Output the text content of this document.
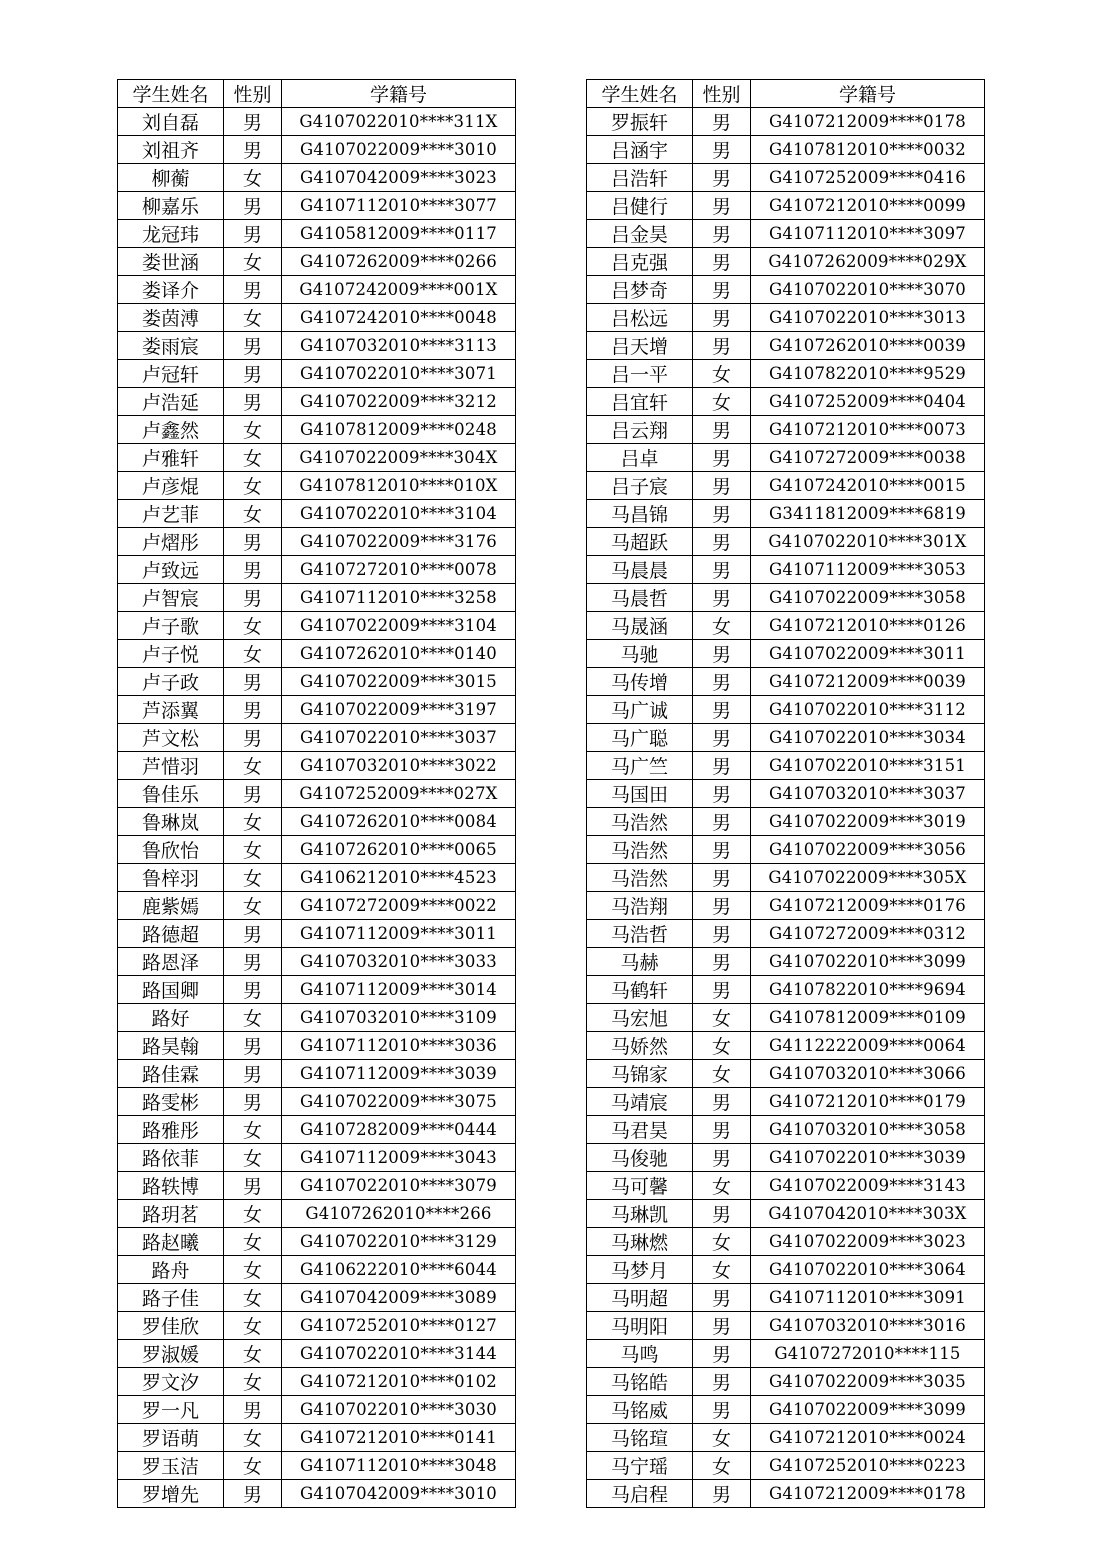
学生姓名	性别	学籍号
刘自磊	男	G4107022010****311X
刘祖齐	男	G4107022009****3010
柳蘅	女	G4107042009****3023
柳嘉乐	男	G4107112010****3077
龙冠玮	男	G4105812009****0117
娄世涵	女	G4107262009****0266
娄译介	男	G4107242009****001X
娄茵溥	女	G4107242010****0048
娄雨宸	男	G4107032010****3113
卢冠轩	男	G4107022010****3071
卢浩延	男	G4107022009****3212
卢鑫然	女	G4107812009****0248
卢雅轩	女	G4107022009****304X
卢彦焜	女	G4107812010****010X
卢艺菲	女	G4107022010****3104
卢熠彤	男	G4107022009****3176
卢致远	男	G4107272010****0078
卢智宸	男	G4107112010****3258
卢子歌	女	G4107022009****3104
卢子悦	女	G4107262010****0140
卢子政	男	G4107022009****3015
芦添翼	男	G4107022009****3197
芦文松	男	G4107022010****3037
芦惜羽	女	G4107032010****3022
鲁佳乐	男	G4107252009****027X
鲁琳岚	女	G4107262010****0084
鲁欣怡	女	G4107262010****0065
鲁梓羽	女	G4106212010****4523
鹿紫嫣	女	G4107272009****0022
路德超	男	G4107112009****3011
路恩泽	男	G4107032010****3033
路国卿	男	G4107112009****3014
路好	女	G4107032010****3109
路昊翰	男	G4107112010****3036
路佳霖	男	G4107112009****3039
路雯彬	男	G4107022009****3075
路雅彤	女	G4107282009****0444
路依菲	女	G4107112009****3043
路轶博	男	G4107022010****3079
路玥茗	女	G4107262010****266
路赵曦	女	G4107022010****3129
路舟	女	G4106222010****6044
路子佳	女	G4107042009****3089
罗佳欣	女	G4107252010****0127
罗淑媛	女	G4107022010****3144
罗文汐	女	G4107212010****0102
罗一凡	男	G4107022010****3030
罗语萌	女	G4107212010****0141
罗玉洁	女	G4107112010****3048
罗增先	男	G4107042009****3010
学生姓名	性别	学籍号
罗振轩	男	G4107212009****0178
吕涵宇	男	G4107812010****0032
吕浩轩	男	G4107252009****0416
吕健行	男	G4107212010****0099
吕金昊	男	G4107112010****3097
吕克强	男	G4107262009****029X
吕梦奇	男	G4107022010****3070
吕松远	男	G4107022010****3013
吕天增	男	G4107262010****0039
吕一平	女	G4107822010****9529
吕宜轩	女	G4107252009****0404
吕云翔	男	G4107212010****0073
吕卓	男	G4107272009****0038
吕子宸	男	G4107242010****0015
马昌锦	男	G3411812009****6819
马超跃	男	G4107022010****301X
马晨晨	男	G4107112009****3053
马晨哲	男	G4107022009****3058
马晟涵	女	G4107212010****0126
马驰	男	G4107022009****3011
马传增	男	G4107212009****0039
马广诚	男	G4107022010****3112
马广聪	男	G4107022010****3034
马广竺	男	G4107022010****3151
马国田	男	G4107032010****3037
马浩然	男	G4107022009****3019
马浩然	男	G4107022009****3056
马浩然	男	G4107022009****305X
马浩翔	男	G4107212009****0176
马浩哲	男	G4107272009****0312
马赫	男	G4107022010****3099
马鹤轩	男	G4107822010****9694
马宏旭	女	G4107812009****0109
马娇然	女	G4112222009****0064
马锦家	女	G4107032010****3066
马靖宸	男	G4107212010****0179
马君昊	男	G4107032010****3058
马俊驰	男	G4107022010****3039
马可馨	女	G4107022009****3143
马琳凯	男	G4107042010****303X
马琳燃	女	G4107022009****3023
马梦月	女	G4107022010****3064
马明超	男	G4107112010****3091
马明阳	男	G4107032010****3016
马鸣	男	G4107272010****115
马铭皓	男	G4107022009****3035
马铭威	男	G4107022009****3099
马铭瑄	女	G4107212010****0024
马宁瑶	女	G4107252010****0223
马启程	男	G4107212009****0178
